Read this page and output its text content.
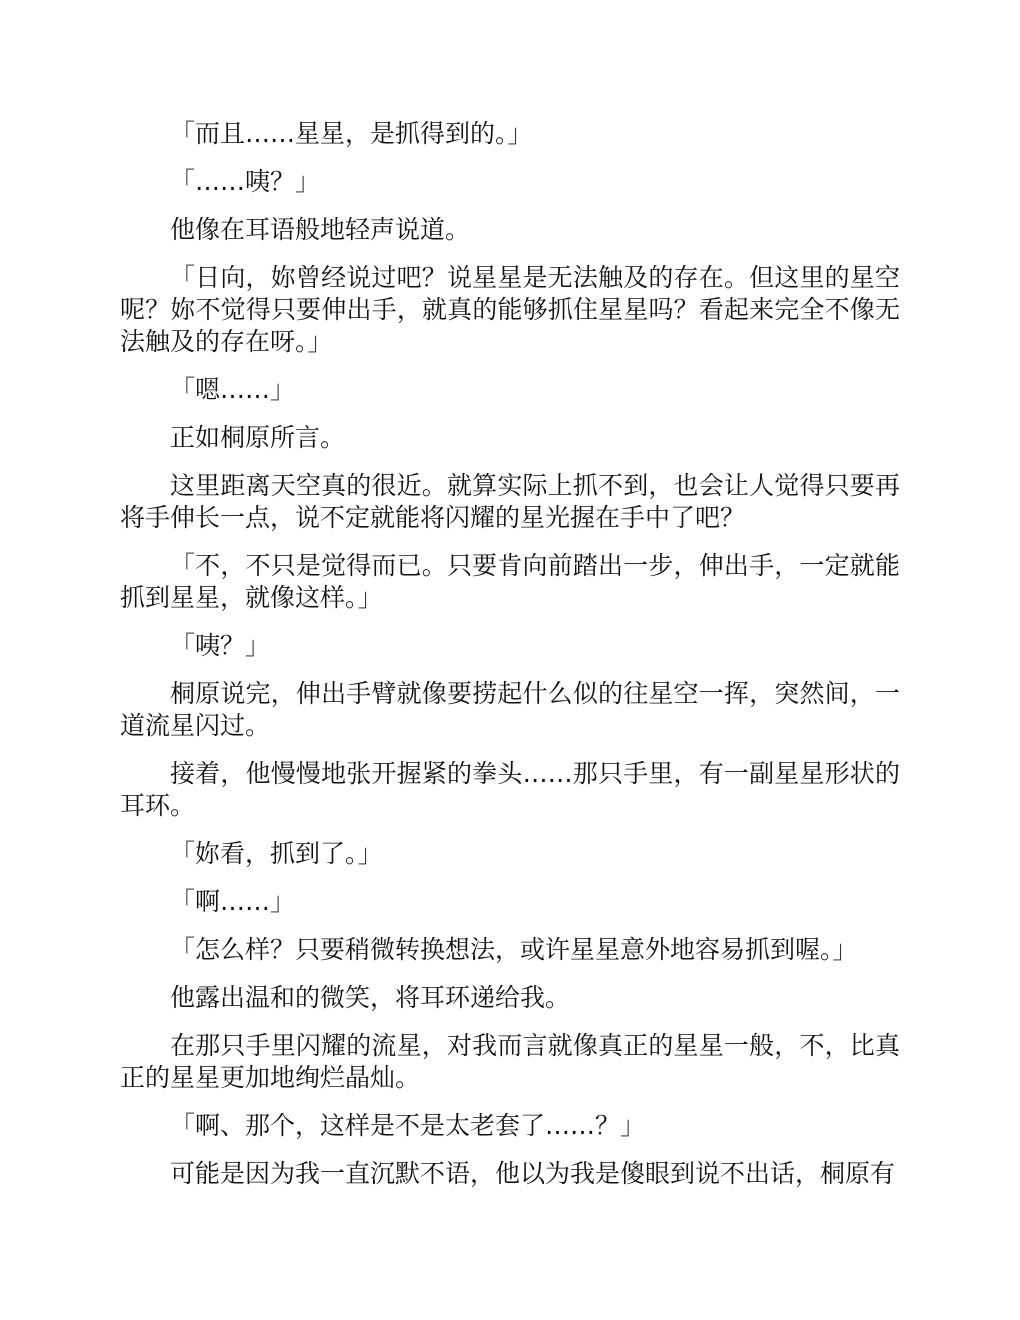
「而且……星星，是抓得到的。」

「……咦？」

他像在耳语般地轻声说道。

「日向，妳曾经说过吧？说星星是无法触及的存在。但这里的星空呢？妳不觉得只要伸出手，就真的能够抓住星星吗？看起来完全不像无法触及的存在呀。」

「嗯……」

正如桐原所言。

这里距离天空真的很近。就算实际上抓不到，也会让人觉得只要再将手伸长一点，说不定就能将闪耀的星光握在手中了吧？

「不，不只是觉得而已。只要肯向前踏出一步，伸出手，一定就能抓到星星，就像这样。」

「咦？」

桐原说完，伸出手臂就像要捞起什么似的往星空一挥，突然间，一道流星闪过。

接着，他慢慢地张开握紧的拳头……那只手里，有一副星星形状的耳环。

「妳看，抓到了。」

「啊……」

「怎么样？只要稍微转换想法，或许星星意外地容易抓到喔。」

他露出温和的微笑，将耳环递给我。

在那只手里闪耀的流星，对我而言就像真正的星星一般，不，比真正的星星更加地绚烂晶灿。

「啊、那个，这样是不是太老套了……？」

可能是因为我一直沉默不语，他以为我是傻眼到说不出话，桐原有
